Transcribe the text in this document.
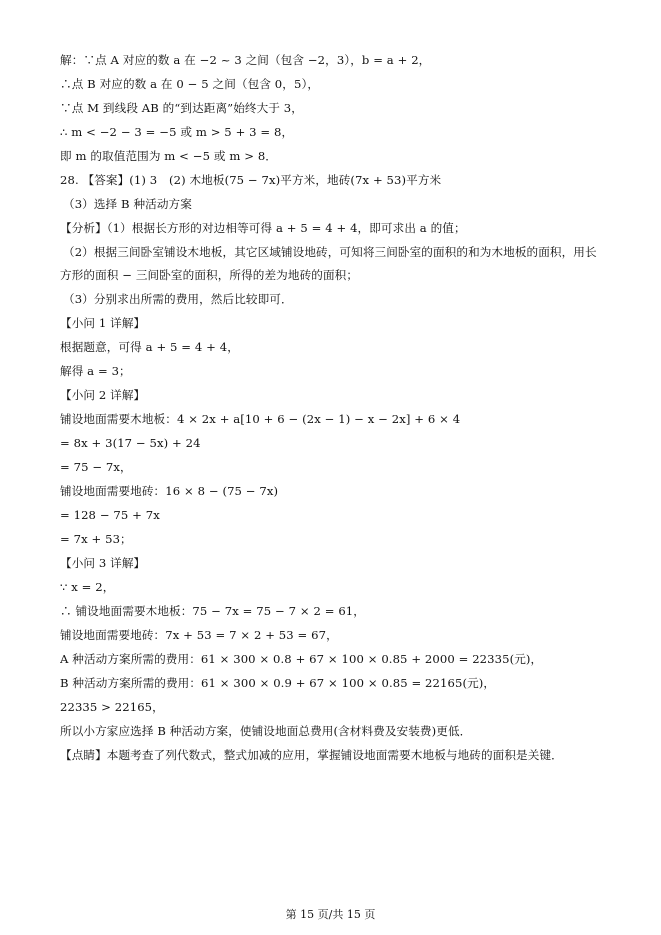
解：∵点 A 对应的数 a 在 −2 ~ 3 之间（包含 −2，3），b = a + 2，
∴点 B 对应的数 a 在 0 − 5 之间（包含 0，5），
∵点 M 到线段 AB 的“到达距离”始终大于 3，
∴ m < −2 − 3 = −5 或 m > 5 + 3 = 8，
即 m 的取值范围为 m < −5 或 m > 8．
28. 【答案】(1) 3　(2) 木地板(75 − 7x)平方米，地砖(7x + 53)平方米
（3）选择 B 种活动方案
【分析】（1）根据长方形的对边相等可得 a + 5 = 4 + 4，即可求出 a 的值；
（2）根据三间卧室铺设木地板，其它区域铺设地砖，可知将三间卧室的面积的和为木地板的面积，用长
方形的面积 − 三间卧室的面积，所得的差为地砖的面积；
（3）分别求出所需的费用，然后比较即可．
【小问 1 详解】
根据题意，可得 a + 5 = 4 + 4，
解得 a = 3；
【小问 2 详解】
铺设地面需要木地板：4 × 2x + a[10 + 6 − (2x − 1) − x − 2x] + 6 × 4
= 8x + 3(17 − 5x) + 24
= 75 − 7x，
铺设地面需要地砖：16 × 8 − (75 − 7x)
= 128 − 75 + 7x
= 7x + 53；
【小问 3 详解】
∵ x = 2，
∴ 铺设地面需要木地板：75 − 7x = 75 − 7 × 2 = 61，
铺设地面需要地砖：7x + 53 = 7 × 2 + 53 = 67，
A 种活动方案所需的费用：61 × 300 × 0.8 + 67 × 100 × 0.85 + 2000 = 22335(元)，
B 种活动方案所需的费用：61 × 300 × 0.9 + 67 × 100 × 0.85 = 22165(元)，
22335 > 22165，
所以小方家应选择 B 种活动方案，使铺设地面总费用(含材料费及安装费)更低．
【点睛】本题考查了列代数式，整式加减的应用，掌握铺设地面需要木地板与地砖的面积是关键．
第 15 页/共 15 页
